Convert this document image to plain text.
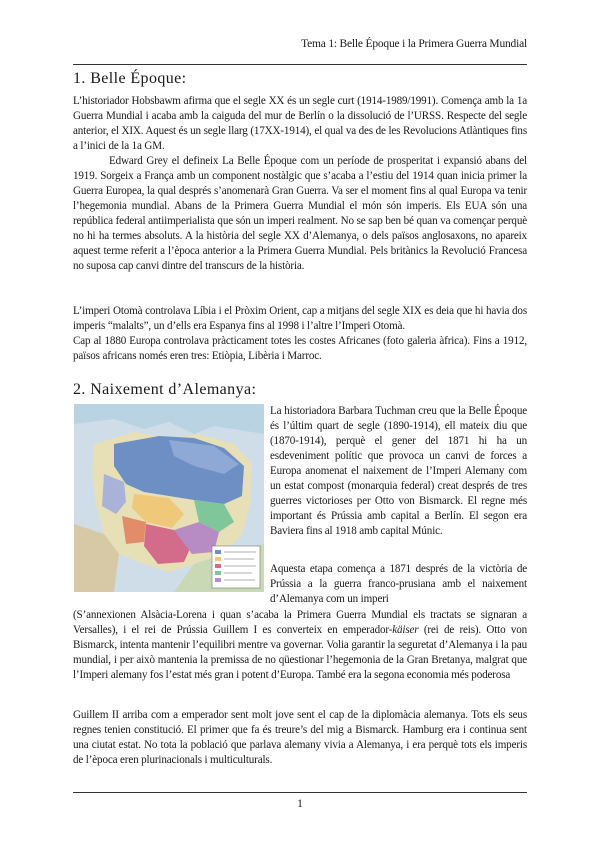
Tema 1: Belle Époque i la Primera Guerra Mundial
1. Belle Époque:

L’historiador Hobsbawm afirma que el segle XX és un segle curt (1914-1989/1991). Comença amb la 1a Guerra Mundial i acaba amb la caiguda del mur de Berlín o la dissolució de l’URSS. Respecte del segle anterior, el XIX. Aquest és un segle llarg (17XX-1914), el qual va des de les Revolucions Atlàntiques fins a l’inici de la 1a GM.

Edward Grey el defineix La Belle Époque com un període de prosperitat i expansió abans del 1919. Sorgeix a França amb un component nostàlgic que s’acaba a l’estiu del 1914 quan inicia primer la Guerra Europea, la qual després s’anomenarà Gran Guerra. Va ser el moment fins al qual Europa va tenir l’hegemonia mundial. Abans de la Primera Guerra Mundial el món són imperis. Els EUA són una república federal antiimperialista que són un imperi realment. No se sap ben bé quan va començar perquè no hi ha termes absoluts. A la història del segle XX d’Alemanya, o dels països anglosaxons, no apareix aquest terme referit a l’època anterior a la Primera Guerra Mundial. Pels britànics la Revolució Francesa no suposa cap canvi dintre del transcurs de la història.

L’imperi Otomà controlava Líbia i el Pròxim Orient, cap a mitjans del segle XIX es deia que hi havia dos imperis “malalts”, un d’ells era Espanya fins al 1998 i l’altre l’Imperi Otomà.

Cap al 1880 Europa controlava pràcticament totes les costes Africanes (foto galeria àfrica). Fins a 1912, països africans només eren tres: Etiòpia, Libèria i Marroc.

2. Naixement d’Alemanya:

La historiadora Barbara Tuchman creu que la Belle Époque és l’últim quart de segle (1890-1914), ell mateix diu que (1870-1914), perquè el gener del 1871 hi ha un esdeveniment polític que provoca un canvi de forces a Europa anomenat el naixement de l’Imperi Alemany com un estat compost (monarquia federal) creat després de tres guerres victorioses per Otto von Bismarck. El regne més important és Prússia amb capital a Berlín. El segon era Baviera fins al 1918 amb capital Múnic.

Aquesta etapa comença a 1871 després de la victòria de Prússia a la guerra franco-prusiana amb el naixement d’Alemanya com un imperi

(S’annexionen Alsàcia-Lorena i quan s’acaba la Primera Guerra Mundial els tractats se signaran a Versalles), i el rei de Prússia Guillem I es converteix en emperador-käiser (rei de reis). Otto von Bismarck, intenta mantenir l’equilibri mentre va governar. Volia garantir la seguretat d’Alemanya i la pau mundial, i per això mantenia la premissa de no qüestionar l’hegemonia de la Gran Bretanya, malgrat que l’Imperi alemany fos l’estat més gran i potent d’Europa. També era la segona economia més poderosa

Guillem II arriba com a emperador sent molt jove sent el cap de la diplomàcia alemanya. Tots els seus regnes tenien constitució. El primer que fa és treure’s del mig a Bismarck. Hamburg era i continua sent una ciutat estat. No tota la població que parlava alemany vivia a Alemanya, i era perquè tots els imperis de l’època eren plurinacionals i multiculturals.

1
